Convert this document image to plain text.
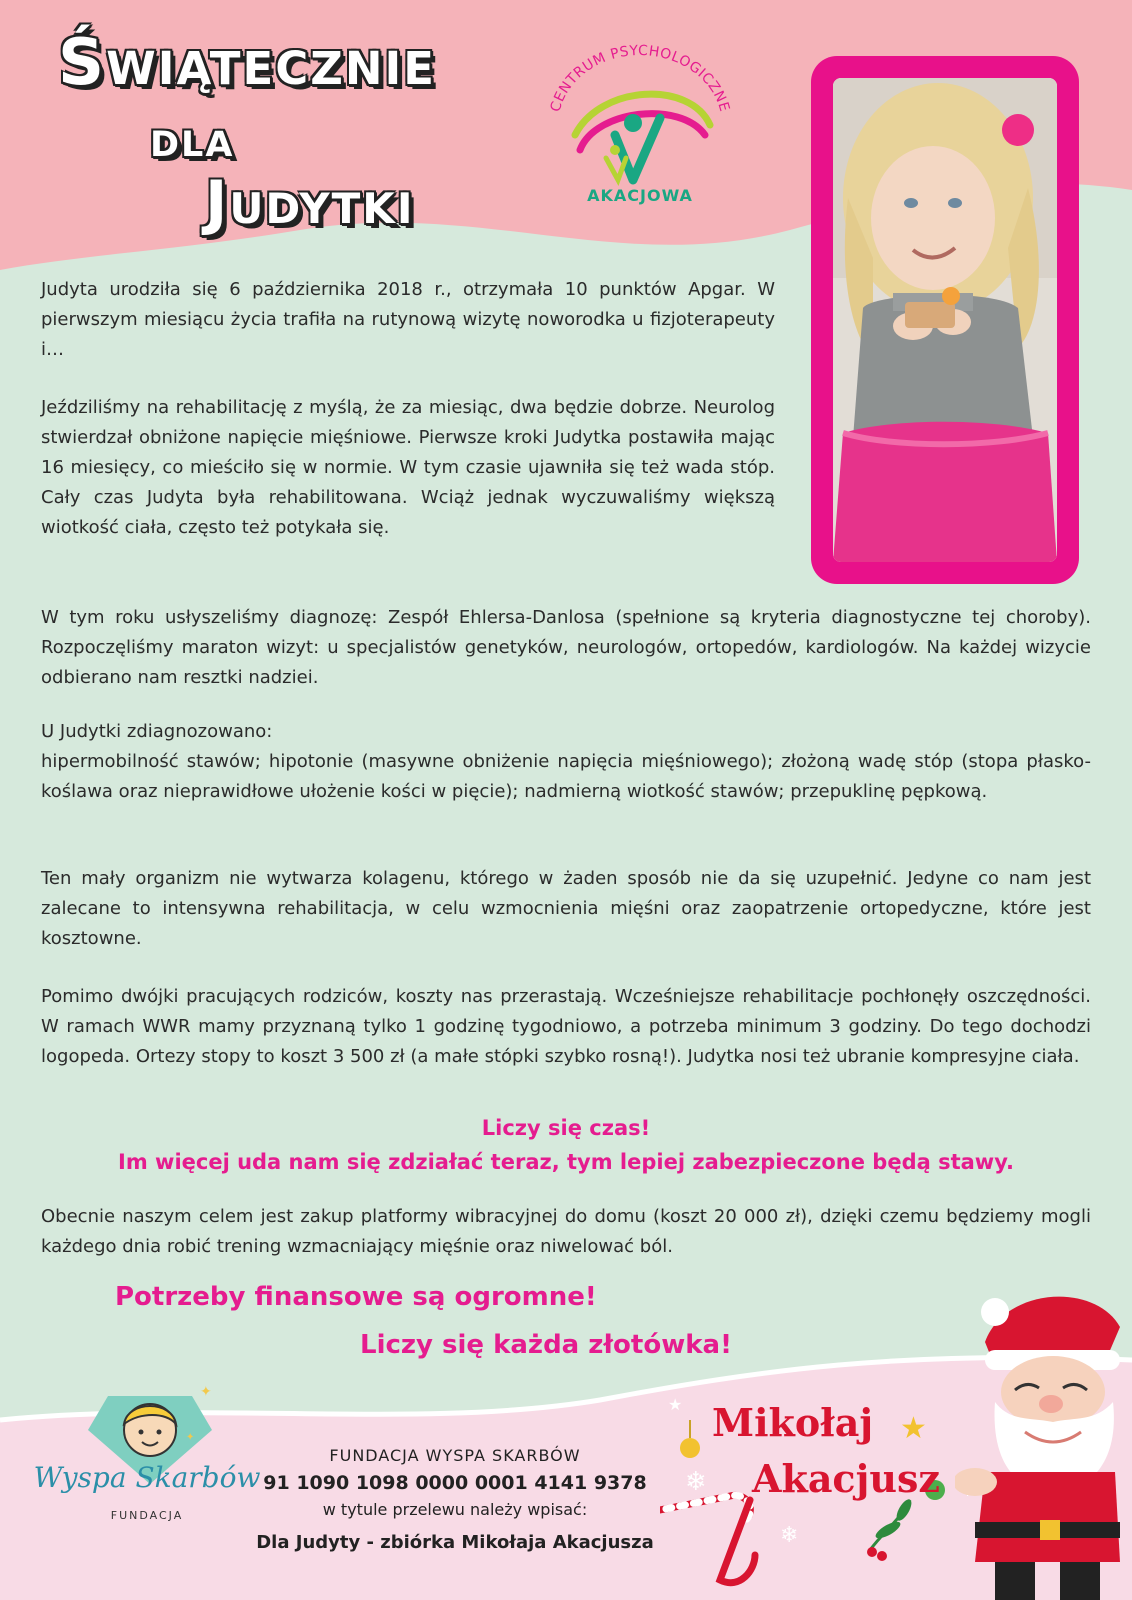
Świątecznie
dla
Judytki
CENTRUM PSYCHOLOGICZNE
AKACJOWA

Judyta urodziła się 6 października 2018 r., otrzymała 10 punktów Apgar. W pierwszym miesiącu życia trafiła na rutynową wizytę noworodka u fizjoterapeuty i…

Jeździliśmy na rehabilitację z myślą, że za miesiąc, dwa będzie dobrze. Neurolog stwierdzał obniżone napięcie mięśniowe. Pierwsze kroki Judytka postawiła mając 16 miesięcy, co mieściło się w normie. W tym czasie ujawniła się też wada stóp. Cały czas Judyta była rehabilitowana. Wciąż jednak wyczuwaliśmy większą wiotkość ciała, często też potykała się.

W tym roku usłyszeliśmy diagnozę: Zespół Ehlersa-Danlosa (spełnione są kryteria diagnostyczne tej choroby). Rozpoczęliśmy maraton wizyt: u specjalistów genetyków, neurologów, ortopedów, kardiologów. Na każdej wizycie odbierano nam resztki nadziei.

U Judytki zdiagnozowano:

hipermobilność stawów; hipotonie (masywne obniżenie napięcia mięśniowego); złożoną wadę stóp (stopa płasko-koślawa oraz nieprawidłowe ułożenie kości w pięcie); nadmierną wiotkość stawów; przepuklinę pępkową.

Ten mały organizm nie wytwarza kolagenu, którego w żaden sposób nie da się uzupełnić. Jedyne co nam jest zalecane to intensywna rehabilitacja, w celu wzmocnienia mięśni oraz zaopatrzenie ortopedyczne, które jest kosztowne.

Pomimo dwójki pracujących rodziców, koszty nas przerastają. Wcześniejsze rehabilitacje pochłonęły oszczędności. W ramach WWR mamy przyznaną tylko 1 godzinę tygodniowo, a potrzeba minimum 3 godziny. Do tego dochodzi logopeda. Ortezy stopy to koszt 3 500 zł (a małe stópki szybko rosną!). Judytka nosi też ubranie kompresyjne ciała.

Liczy się czas!

Im więcej uda nam się zdziałać teraz, tym lepiej zabezpieczone będą stawy.

Obecnie naszym celem jest zakup platformy wibracyjnej do domu (koszt 20 000 zł), dzięki czemu będziemy mogli każdego dnia robić trening wzmacniający mięśnie oraz niwelować ból.

Potrzeby finansowe są ogromne!

Liczy się każda złotówka!

✦
✦
Wyspa Skarbów
FUNDACJA

FUNDACJA WYSPA SKARBÓW

91 1090 1098 0000 0001 4141 9378

w tytule przelewu należy wpisać:

Dla Judyty - zbiórka Mikołaja Akacjusza

★
★
❄
❄

Mikołaj

Akacjusz
